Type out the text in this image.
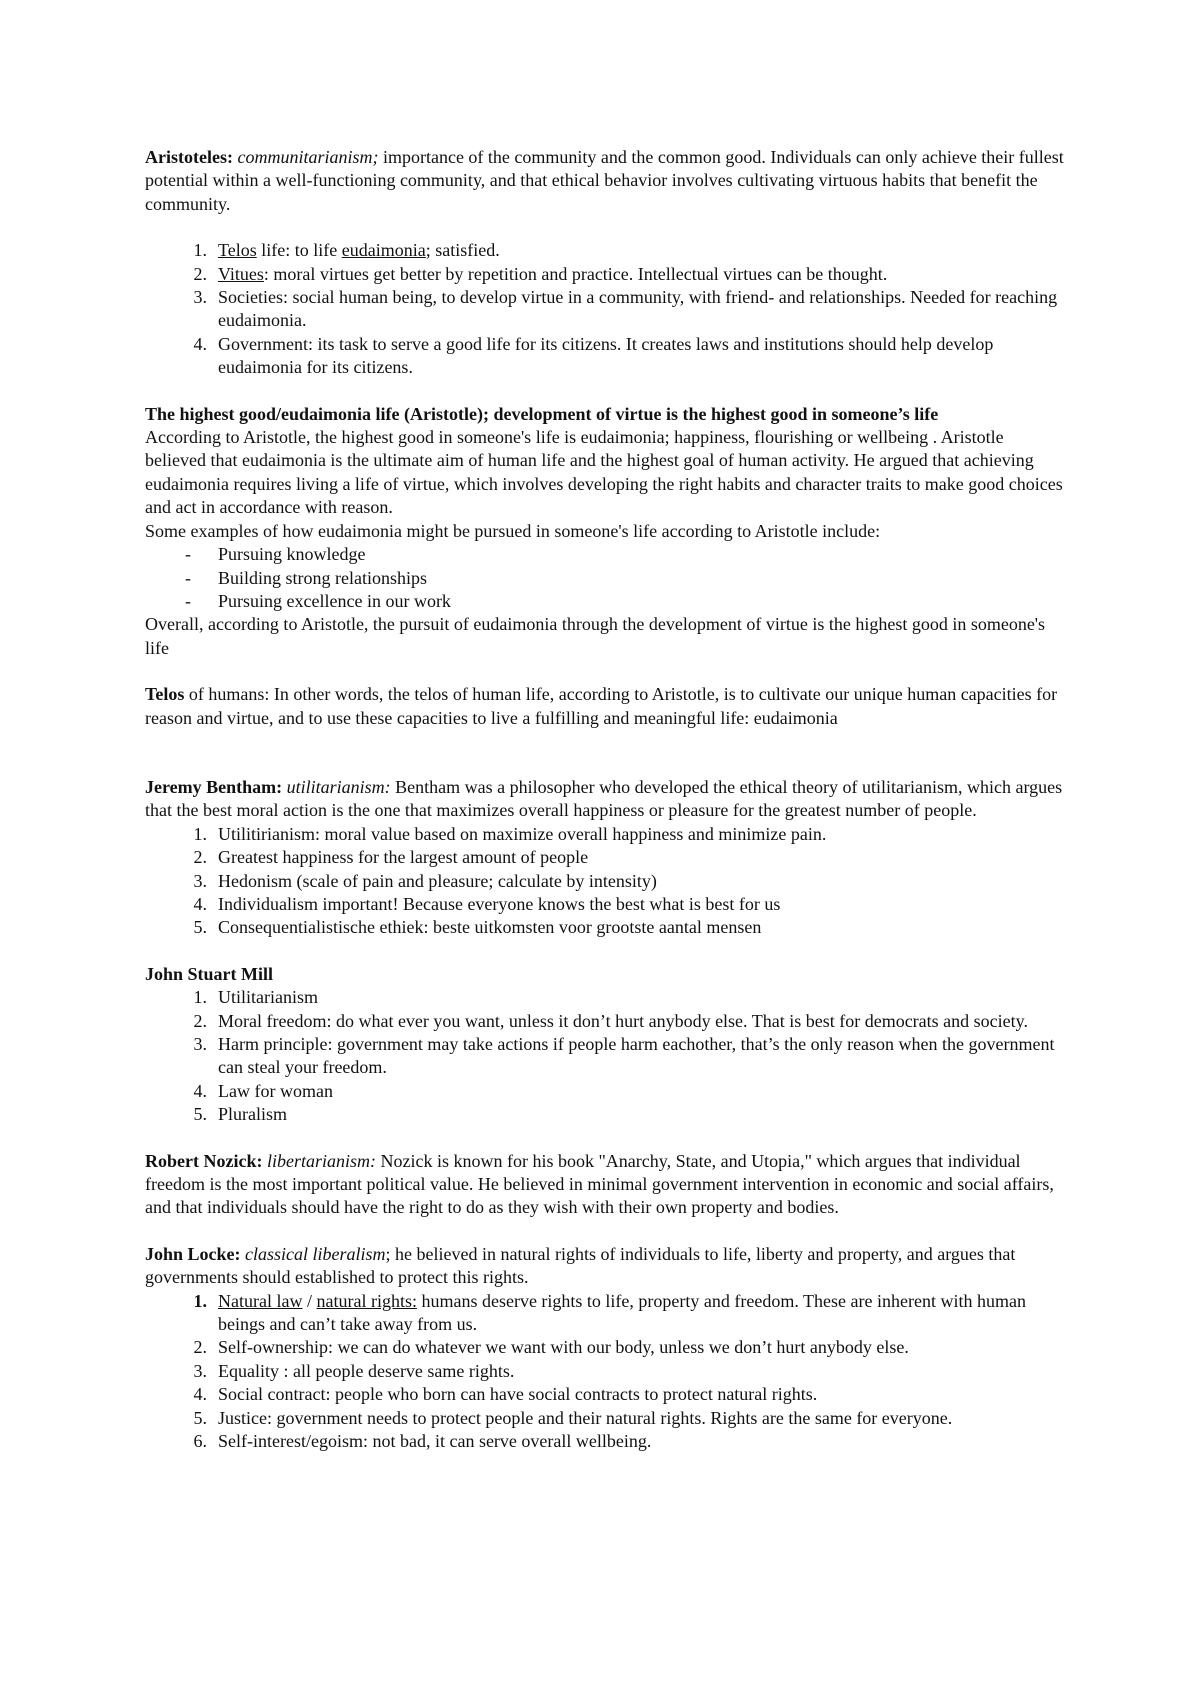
Aristoteles: communitarianism; importance of the community and the common good. Individuals can only achieve their fullest potential within a well-functioning community, and that ethical behavior involves cultivating virtuous habits that benefit the community.

1. Telos life: to life eudaimonia; satisfied.
2. Vitues: moral virtues get better by repetition and practice. Intellectual virtues can be thought.
3. Societies: social human being, to develop virtue in a community, with friend- and relationships. Needed for reaching eudaimonia.
4. Government: its task to serve a good life for its citizens. It creates laws and institutions should help develop eudaimonia for its citizens.

The highest good/eudaimonia life (Aristotle); development of virtue is the highest good in someone’s life

According to Aristotle, the highest good in someone's life is eudaimonia; happiness, flourishing or wellbeing . Aristotle believed that eudaimonia is the ultimate aim of human life and the highest goal of human activity. He argued that achieving eudaimonia requires living a life of virtue, which involves developing the right habits and character traits to make good choices and act in accordance with reason.

Some examples of how eudaimonia might be pursued in someone's life according to Aristotle include:

- Pursuing knowledge
- Building strong relationships
- Pursuing excellence in our work

Overall, according to Aristotle, the pursuit of eudaimonia through the development of virtue is the highest good in someone's life

Telos of humans: In other words, the telos of human life, according to Aristotle, is to cultivate our unique human capacities for reason and virtue, and to use these capacities to live a fulfilling and meaningful life: eudaimonia

Jeremy Bentham: utilitarianism: Bentham was a philosopher who developed the ethical theory of utilitarianism, which argues that the best moral action is the one that maximizes overall happiness or pleasure for the greatest number of people.

1. Utilitirianism: moral value based on maximize overall happiness and minimize pain.
2. Greatest happiness for the largest amount of people
3. Hedonism (scale of pain and pleasure; calculate by intensity)
4. Individualism important! Because everyone knows the best what is best for us
5. Consequentialistische ethiek: beste uitkomsten voor grootste aantal mensen

John Stuart Mill

1. Utilitarianism
2. Moral freedom: do what ever you want, unless it don’t hurt anybody else. That is best for democrats and society.
3. Harm principle: government may take actions if people harm eachother, that’s the only reason when the government can steal your freedom.
4. Law for woman
5. Pluralism

Robert Nozick: libertarianism: Nozick is known for his book "Anarchy, State, and Utopia," which argues that individual freedom is the most important political value. He believed in minimal government intervention in economic and social affairs, and that individuals should have the right to do as they wish with their own property and bodies.

John Locke: classical liberalism; he believed in natural rights of individuals to life, liberty and property, and argues that governments should established to protect this rights.

1. Natural law / natural rights: humans deserve rights to life, property and freedom. These are inherent with human beings and can’t take away from us.
2. Self-ownership: we can do whatever we want with our body, unless we don’t hurt anybody else.
3. Equality : all people deserve same rights.
4. Social contract: people who born can have social contracts to protect natural rights.
5. Justice: government needs to protect people and their natural rights. Rights are the same for everyone.
6. Self-interest/egoism: not bad, it can serve overall wellbeing.
